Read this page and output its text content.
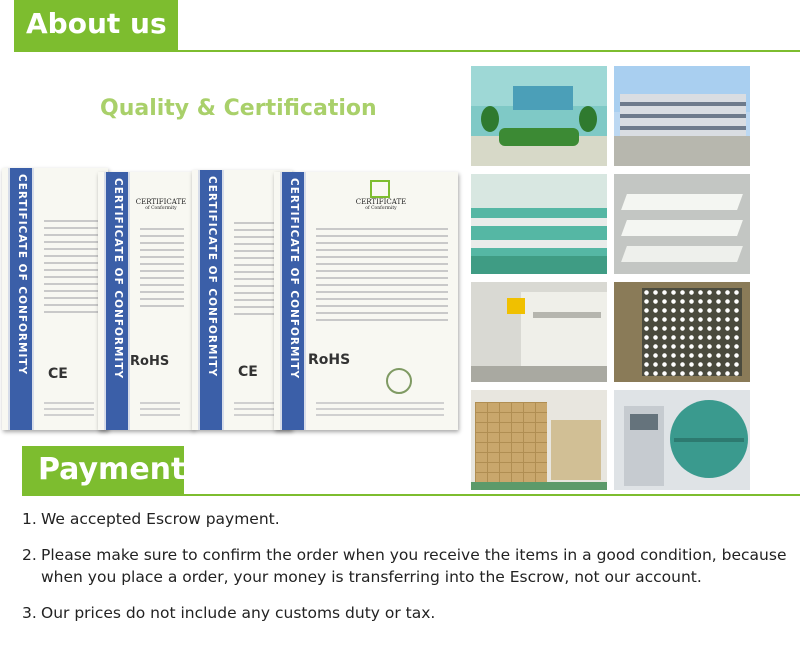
About us
Quality & Certification
CERTIFICATE OF CONFORMITY CE	CERTIFICATE OF CONFORMITY	CERTIFICATE
of Conformity
RoHS	CERTIFICATE OF CONFORMITY CE	CERTIFICATE OF CONFORMITY	CERTIFICATE
of Conformity
RoHS
Payment
1. We accepted Escrow payment.
2. Please make sure to confirm the order when you receive the items in a good condition, because when you place a order, your money is transferring into the Escrow, not our account.
3. Our prices do not include any customs duty or tax.
